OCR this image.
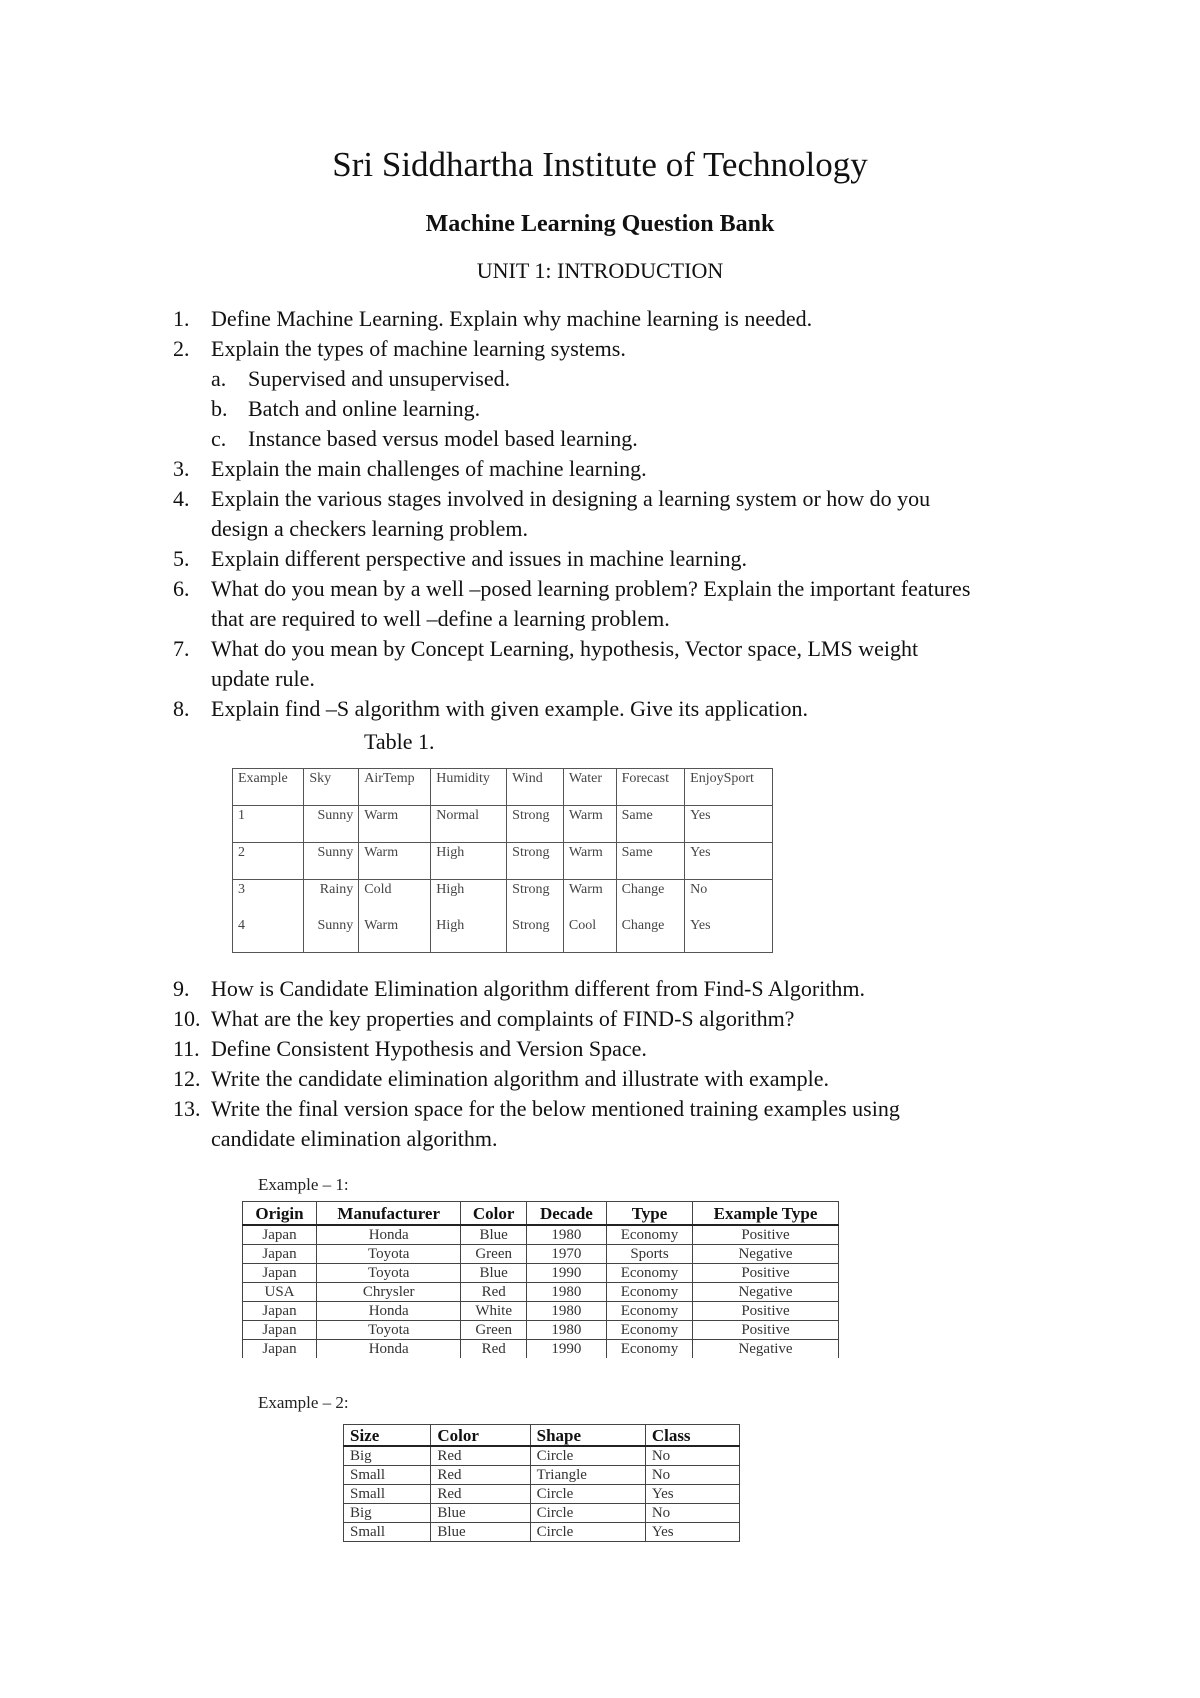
Sri Siddhartha Institute of Technology
Machine Learning Question Bank
UNIT 1: INTRODUCTION
1. Define Machine Learning. Explain why machine learning is needed.
2. Explain the types of machine learning systems.
a. Supervised and unsupervised.
b. Batch and online learning.
c. Instance based versus model based learning.
3. Explain the main challenges of machine learning.
4. Explain the various stages involved in designing a learning system or how do you
design a checkers learning problem.
5. Explain different perspective and issues in machine learning.
6. What do you mean by a well –posed learning problem? Explain the important features
that are required to well –define a learning problem.
7. What do you mean by Concept Learning, hypothesis, Vector space, LMS weight
update rule.
8. Explain find –S algorithm with given example. Give its application.
Table 1.
Example	Sky	AirTemp	Humidity	Wind	Water	Forecast	EnjoySport
1	Sunny	Warm	Normal	Strong	Warm	Same	Yes
2	Sunny	Warm	High	Strong	Warm	Same	Yes
3	Rainy	Cold	High	Strong	Warm	Change	No
4	Sunny	Warm	High	Strong	Cool	Change	Yes
9. How is Candidate Elimination algorithm different from Find-S Algorithm.
10. What are the key properties and complaints of FIND-S algorithm?
11. Define Consistent Hypothesis and Version Space.
12. Write the candidate elimination algorithm and illustrate with example.
13. Write the final version space for the below mentioned training examples using
candidate elimination algorithm.
Example – 1:
Origin	Manufacturer	Color	Decade	Type	Example Type
Japan	Honda	Blue	1980	Economy	Positive
Japan	Toyota	Green	1970	Sports	Negative
Japan	Toyota	Blue	1990	Economy	Positive
USA	Chrysler	Red	1980	Economy	Negative
Japan	Honda	White	1980	Economy	Positive
Japan	Toyota	Green	1980	Economy	Positive
Japan	Honda	Red	1990	Economy	Negative
Example – 2:
Size	Color	Shape	Class
Big	Red	Circle	No
Small	Red	Triangle	No
Small	Red	Circle	Yes
Big	Blue	Circle	No
Small	Blue	Circle	Yes
